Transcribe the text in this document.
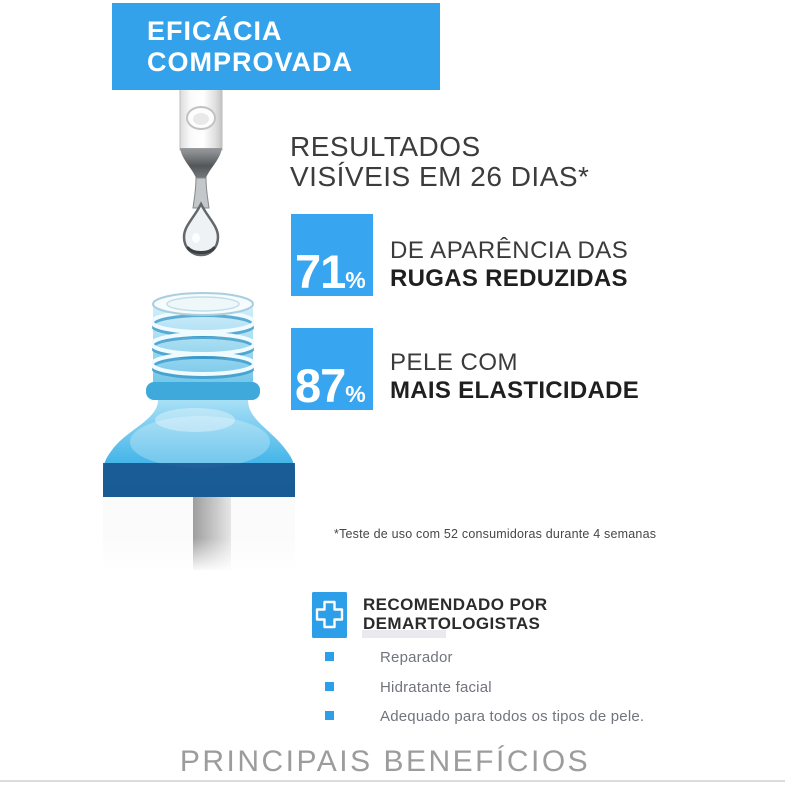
EFICÁCIA
COMPROVADA
RESULTADOS
VISÍVEIS EM 26 DIAS*
71%
DE APARÊNCIA DAS
RUGAS REDUZIDAS
87%
PELE COM
MAIS ELASTICIDADE
*Teste de uso com 52 consumidoras durante 4 semanas
RECOMENDADO POR
DEMARTOLOGISTAS
Reparador
Hidratante facial
Adequado para todos os tipos de pele.
PRINCIPAIS BENEFÍCIOS
